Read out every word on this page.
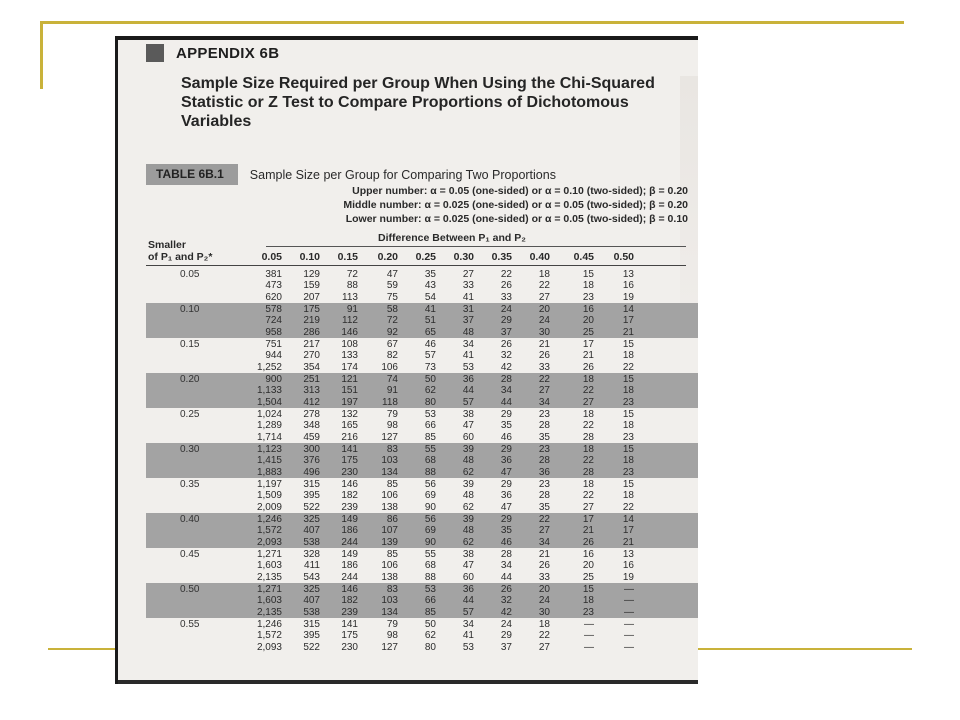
APPENDIX 6B
Sample Size Required per Group When Using the Chi-Squared Statistic or Z Test to Compare Proportions of Dichotomous Variables
TABLE 6B.1	Sample Size per Group for Comparing Two Proportions
Upper number: α = 0.05 (one-sided) or α = 0.10 (two-sided); β = 0.20
Middle number: α = 0.025 (one-sided) or α = 0.05 (two-sided); β = 0.20
Lower number: α = 0.025 (one-sided) or α = 0.05 (two-sided); β = 0.10
Smaller
Difference Between P₁ and P₂
of P₁ and P₂*	0.05	0.10	0.15	0.20	0.25	0.30	0.35	0.40	0.45	0.50
0.05	381	129	72	47	35	27	22	18	15	13
473	159	88	59	43	33	26	22	18	16
620	207	113	75	54	41	33	27	23	19
0.10	578	175	91	58	41	31	24	20	16	14
724	219	112	72	51	37	29	24	20	17
958	286	146	92	65	48	37	30	25	21
0.15	751	217	108	67	46	34	26	21	17	15
944	270	133	82	57	41	32	26	21	18
1,252	354	174	106	73	53	42	33	26	22
0.20	900	251	121	74	50	36	28	22	18	15
1,133	313	151	91	62	44	34	27	22	18
1,504	412	197	118	80	57	44	34	27	23
0.25	1,024	278	132	79	53	38	29	23	18	15
1,289	348	165	98	66	47	35	28	22	18
1,714	459	216	127	85	60	46	35	28	23
0.30	1,123	300	141	83	55	39	29	23	18	15
1,415	376	175	103	68	48	36	28	22	18
1,883	496	230	134	88	62	47	36	28	23
0.35	1,197	315	146	85	56	39	29	23	18	15
1,509	395	182	106	69	48	36	28	22	18
2,009	522	239	138	90	62	47	35	27	22
0.40	1,246	325	149	86	56	39	29	22	17	14
1,572	407	186	107	69	48	35	27	21	17
2,093	538	244	139	90	62	46	34	26	21
0.45	1,271	328	149	85	55	38	28	21	16	13
1,603	411	186	106	68	47	34	26	20	16
2,135	543	244	138	88	60	44	33	25	19
0.50	1,271	325	146	83	53	36	26	20	15	—
1,603	407	182	103	66	44	32	24	18	—
2,135	538	239	134	85	57	42	30	23	—
0.55	1,246	315	141	79	50	34	24	18	—	—
1,572	395	175	98	62	41	29	22	—	—
2,093	522	230	127	80	53	37	27	—	—
